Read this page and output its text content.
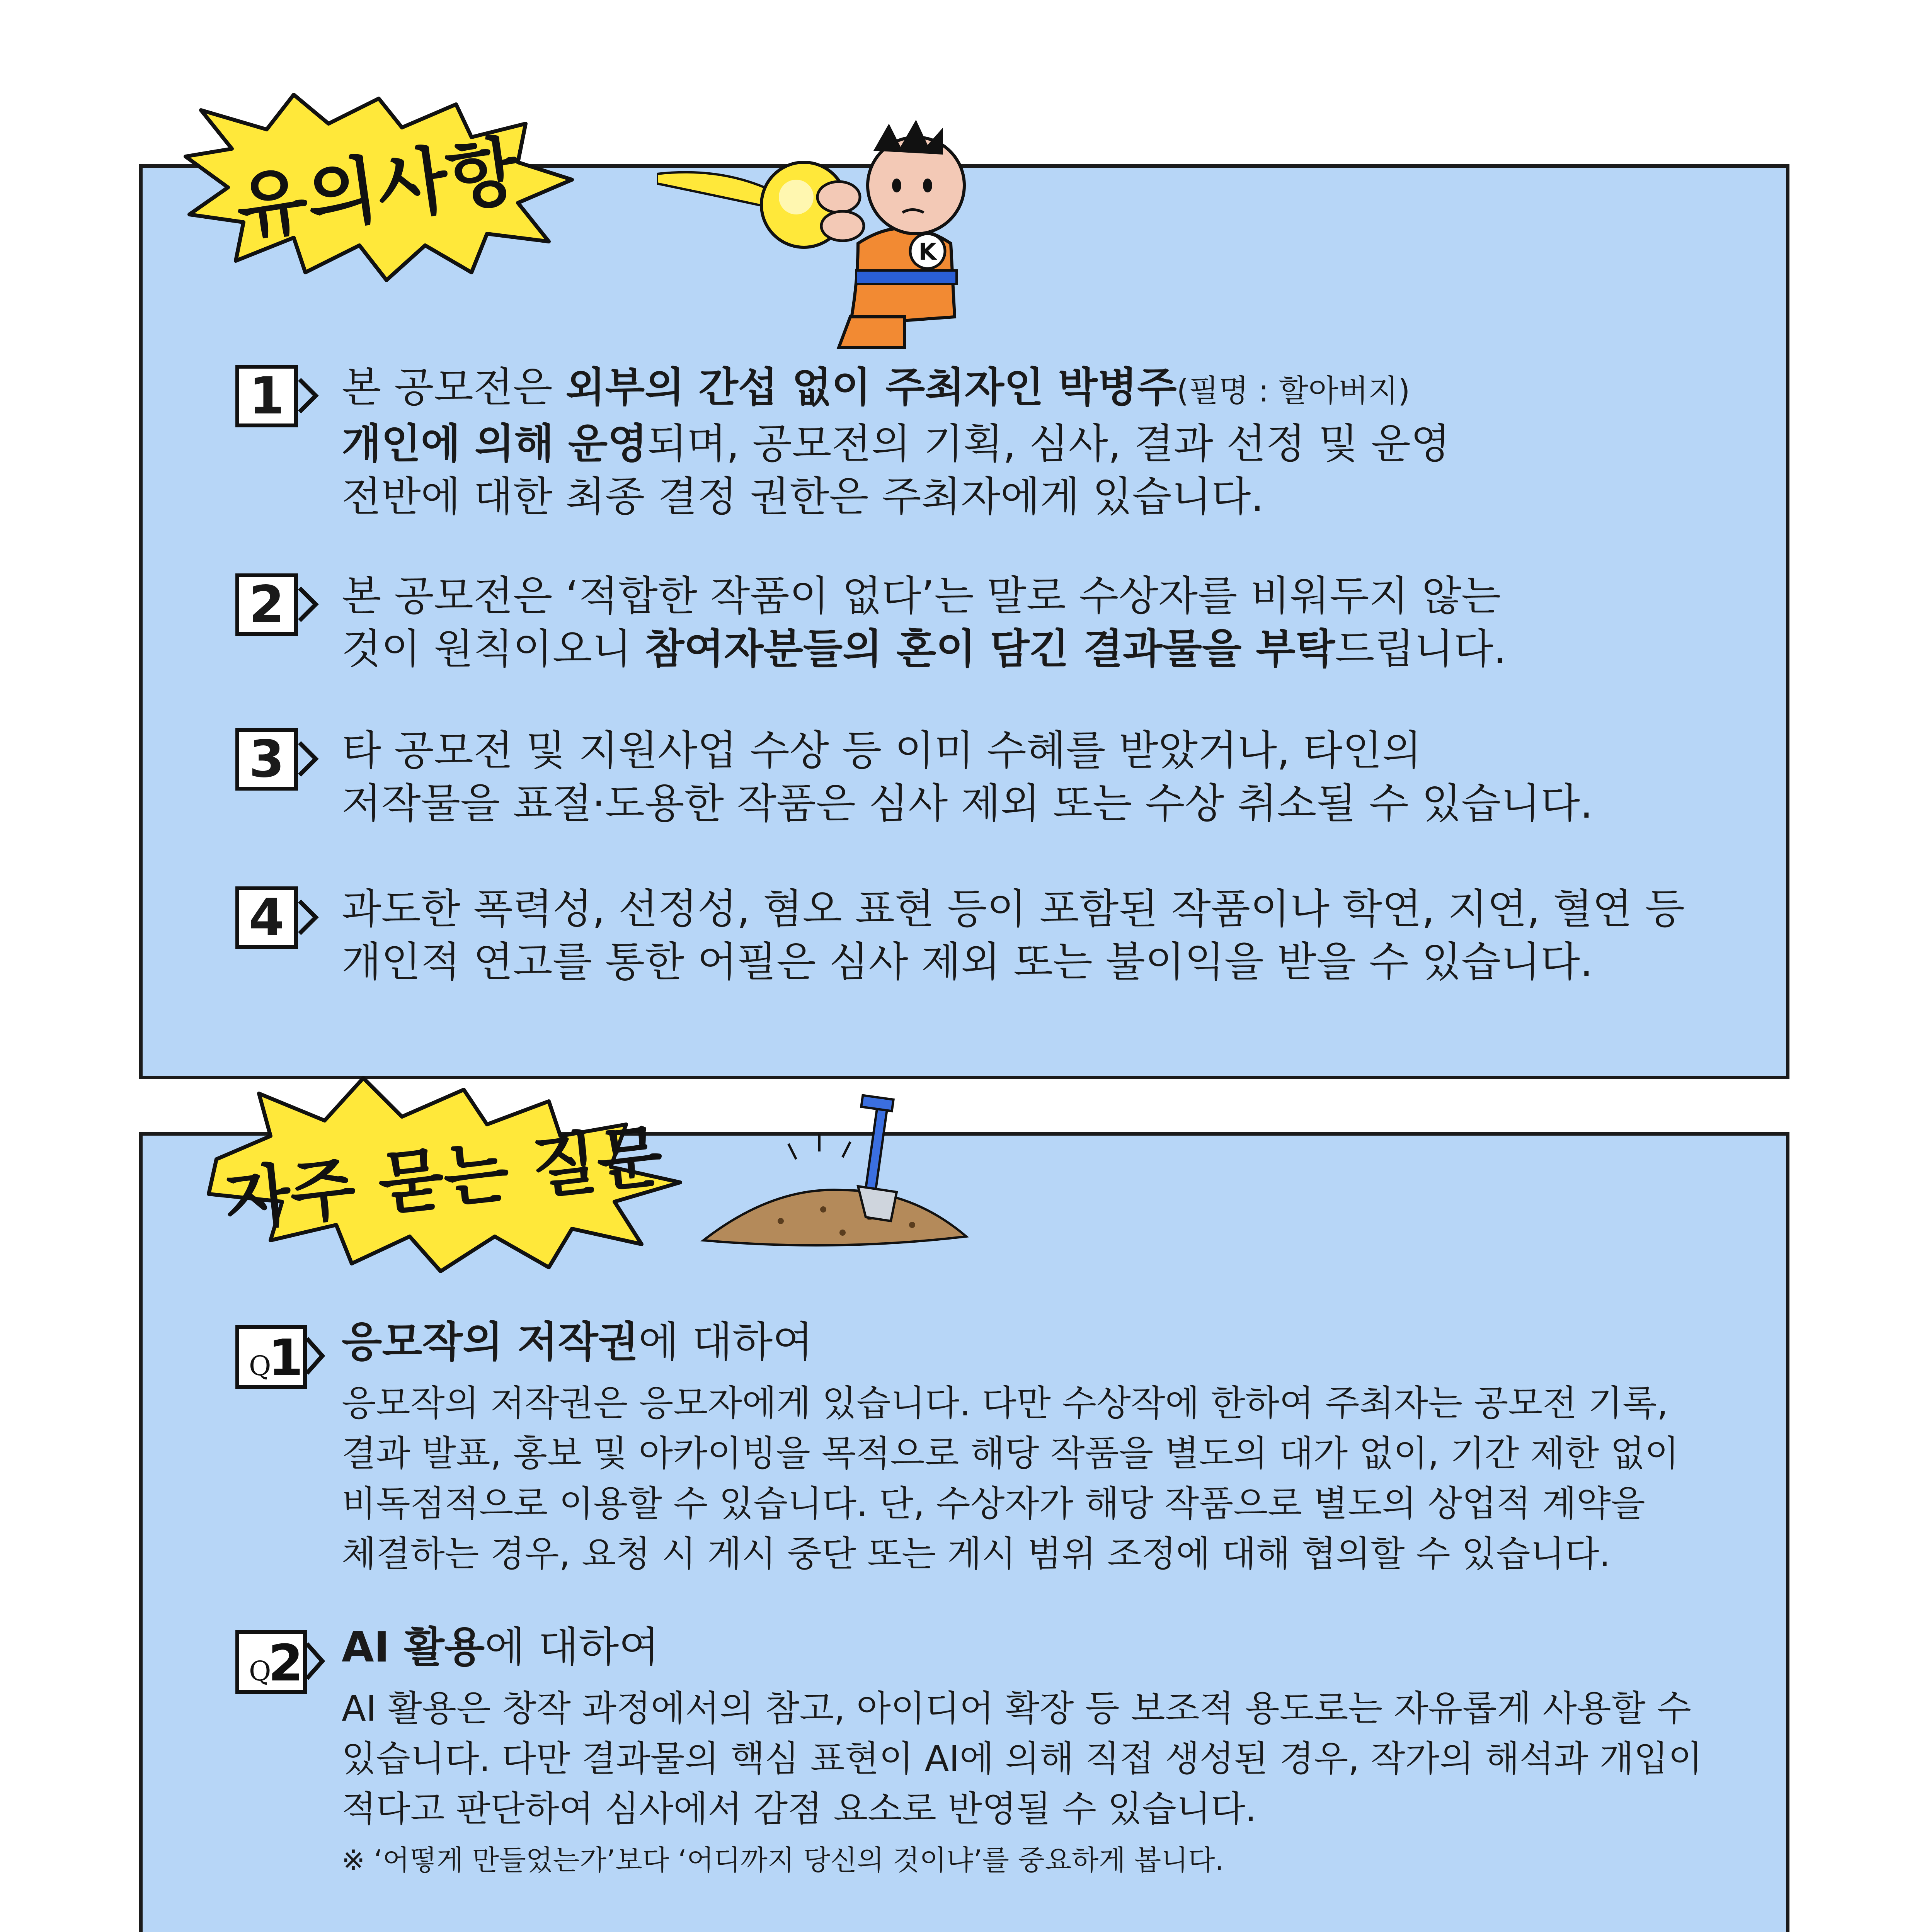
1	본 공모전은 외부의 간섭 없이 주최자인 박병주(필명 : 할아버지)

개인에 의해 운영되며, 공모전의 기획, 심사, 결과 선정 및 운영

전반에 대한 최종 결정 권한은 주최자에게 있습니다.

2	본 공모전은 ‘적합한 작품이 없다’는 말로 수상자를 비워두지 않는

것이 원칙이오니 참여자분들의 혼이 담긴 결과물을 부탁드립니다.

3	타 공모전 및 지원사업 수상 등 이미 수혜를 받았거나, 타인의

저작물을 표절·도용한 작품은 심사 제외 또는 수상 취소될 수 있습니다.

4	과도한 폭력성, 선정성, 혐오 표현 등이 포함된 작품이나 학연, 지연, 혈연 등

개인적 연고를 통한 어필은 심사 제외 또는 불이익을 받을 수 있습니다.

유의사항
K
Q
1 응모작의 저작권에 대하여

응모작의 저작권은 응모자에게 있습니다. 다만 수상작에 한하여 주최자는 공모전 기록,

결과 발표, 홍보 및 아카이빙을 목적으로 해당 작품을 별도의 대가 없이, 기간 제한 없이

비독점적으로 이용할 수 있습니다. 단, 수상자가 해당 작품으로 별도의 상업적 계약을

체결하는 경우, 요청 시 게시 중단 또는 게시 범위 조정에 대해 협의할 수 있습니다.

Q
2 AI 활용에 대하여

AI 활용은 창작 과정에서의 참고, 아이디어 확장 등 보조적 용도로는 자유롭게 사용할 수

있습니다. 다만 결과물의 핵심 표현이 AI에 의해 직접 생성된 경우, 작가의 해석과 개입이

적다고 판단하여 심사에서 감점 요소로 반영될 수 있습니다.

※ ‘어떻게 만들었는가’보다 ‘어디까지 당신의 것이냐’를 중요하게 봅니다.

자주 묻는 질문
